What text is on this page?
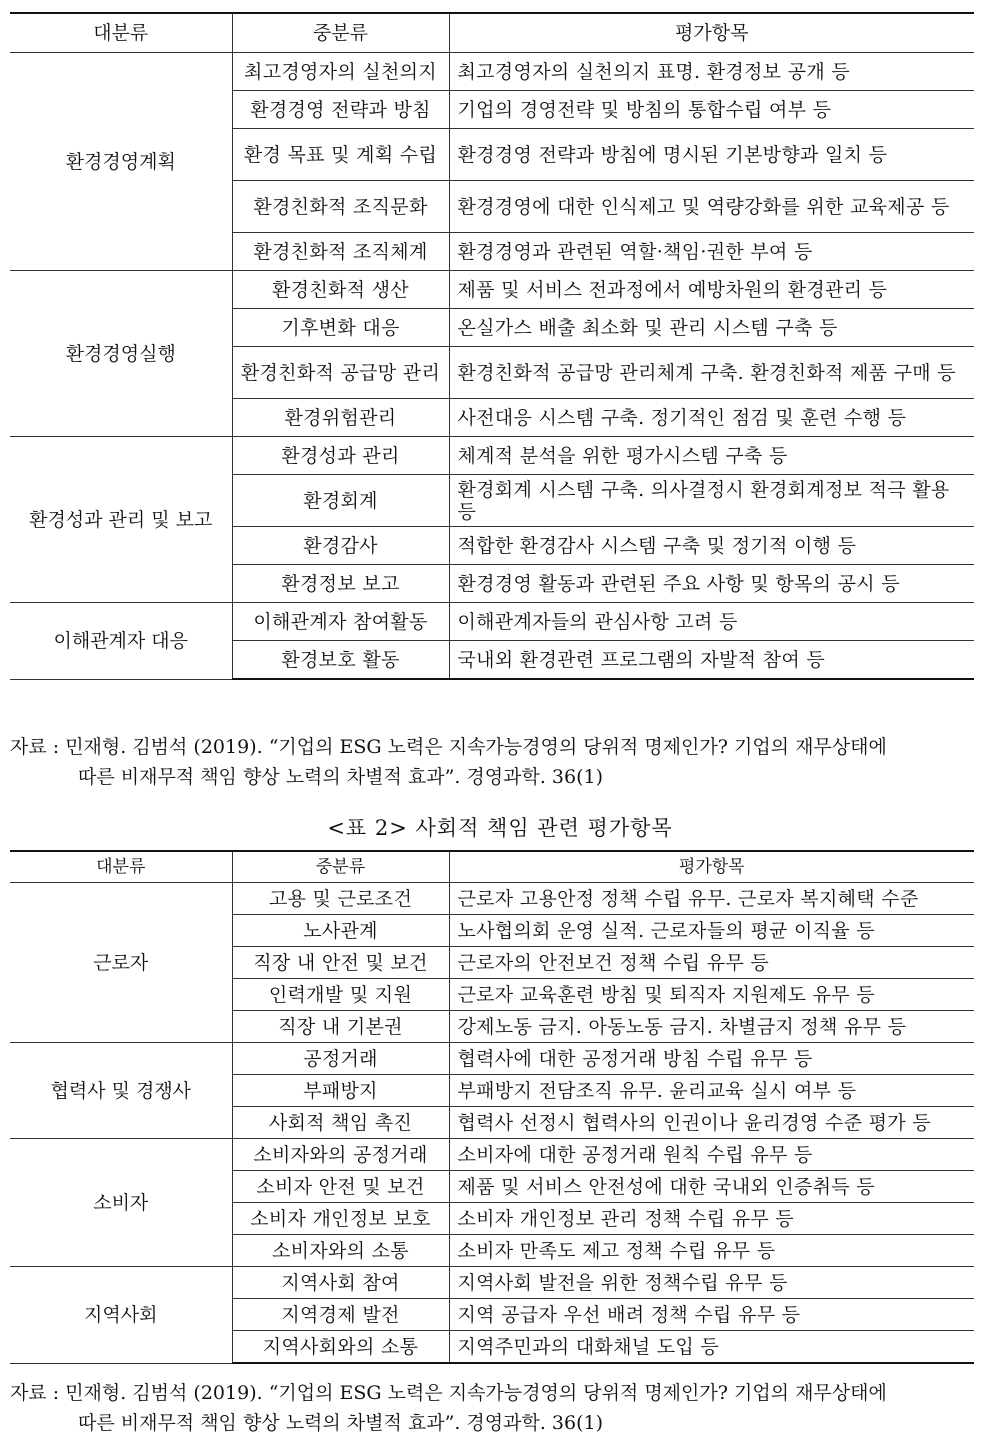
대분류	중분류	평가항목
환경경영계획	최고경영자의 실천의지	최고경영자의 실천의지 표명. 환경정보 공개 등
	환경경영 전략과 방침	기업의 경영전략 및 방침의 통합수립 여부 등
	환경 목표 및 계획 수립	환경경영 전략과 방침에 명시된 기본방향과 일치 등
	환경친화적 조직문화	환경경영에 대한 인식제고 및 역량강화를 위한 교육제공 등
	환경친화적 조직체계	환경경영과 관련된 역할·책임·권한 부여 등
환경경영실행	환경친화적 생산	제품 및 서비스 전과정에서 예방차원의 환경관리 등
	기후변화 대응	온실가스 배출 최소화 및 관리 시스템 구축 등
	환경친화적 공급망 관리	환경친화적 공급망 관리체계 구축. 환경친화적 제품 구매 등
	환경위험관리	사전대응 시스템 구축. 정기적인 점검 및 훈련 수행 등
환경성과 관리 및 보고	환경성과 관리	체계적 분석을 위한 평가시스템 구축 등
	환경회계	환경회계 시스템 구축. 의사결정시 환경회계정보 적극 활용 등
	환경감사	적합한 환경감사 시스템 구축 및 정기적 이행 등
	환경정보 보고	환경경영 활동과 관련된 주요 사항 및 항목의 공시 등
이해관계자 대응	이해관계자 참여활동	이해관계자들의 관심사항 고려 등
	환경보호 활동	국내외 환경관련 프로그램의 자발적 참여 등
자료 : 민재형. 김범석 (2019). “기업의 ESG 노력은 지속가능경영의 당위적 명제인가? 기업의 재무상태에
따른 비재무적 책임 향상 노력의 차별적 효과”. 경영과학. 36(1)
<표 2> 사회적 책임 관련 평가항목
대분류	중분류	평가항목
근로자	고용 및 근로조건	근로자 고용안정 정책 수립 유무. 근로자 복지혜택 수준
	노사관계	노사협의회 운영 실적. 근로자들의 평균 이직율 등
	직장 내 안전 및 보건	근로자의 안전보건 정책 수립 유무 등
	인력개발 및 지원	근로자 교육훈련 방침 및 퇴직자 지원제도 유무 등
	직장 내 기본권	강제노동 금지. 아동노동 금지. 차별금지 정책 유무 등
협력사 및 경쟁사	공정거래	협력사에 대한 공정거래 방침 수립 유무 등
	부패방지	부패방지 전담조직 유무. 윤리교육 실시 여부 등
	사회적 책임 촉진	협력사 선정시 협력사의 인권이나 윤리경영 수준 평가 등
소비자	소비자와의 공정거래	소비자에 대한 공정거래 원칙 수립 유무 등
	소비자 안전 및 보건	제품 및 서비스 안전성에 대한 국내외 인증취득 등
	소비자 개인정보 보호	소비자 개인정보 관리 정책 수립 유무 등
	소비자와의 소통	소비자 만족도 제고 정책 수립 유무 등
지역사회	지역사회 참여	지역사회 발전을 위한 정책수립 유무 등
	지역경제 발전	지역 공급자 우선 배려 정책 수립 유무 등
	지역사회와의 소통	지역주민과의 대화채널 도입 등
자료 : 민재형. 김범석 (2019). “기업의 ESG 노력은 지속가능경영의 당위적 명제인가? 기업의 재무상태에
따른 비재무적 책임 향상 노력의 차별적 효과”. 경영과학. 36(1)
